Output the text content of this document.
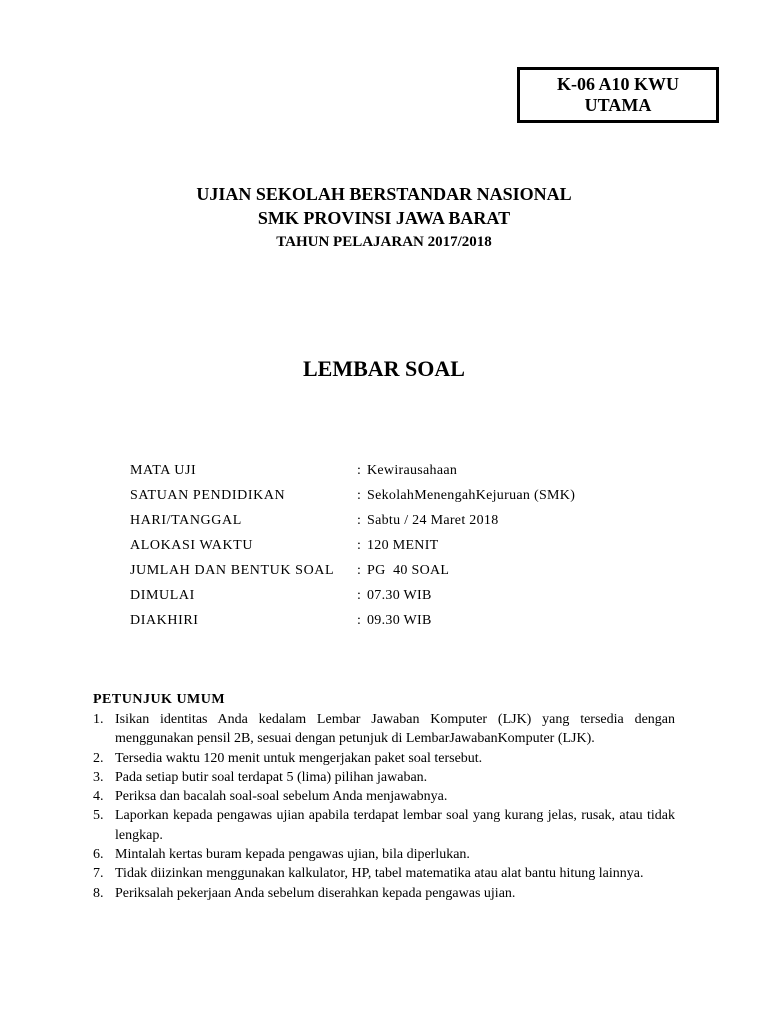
K-06 A10 KWU
UTAMA
UJIAN SEKOLAH BERSTANDAR NASIONAL
SMK PROVINSI JAWA BARAT
TAHUN PELAJARAN 2017/2018
LEMBAR SOAL
MATA UJI	: Kewirausahaan
SATUAN PENDIDIKAN	: SekolahMenengahKejuruan (SMK)
HARI/TANGGAL	: Sabtu / 24 Maret 2018
ALOKASI WAKTU	: 120 MENIT
JUMLAH DAN BENTUK SOAL	: PG  40 SOAL
DIMULAI	: 07.30 WIB
DIAKHIRI	: 09.30 WIB
PETUNJUK UMUM
1. Isikan identitas Anda kedalam Lembar Jawaban Komputer (LJK) yang tersedia dengan menggunakan pensil 2B, sesuai dengan petunjuk di LembarJawabanKomputer (LJK).
2. Tersedia waktu 120 menit untuk mengerjakan paket soal tersebut.
3. Pada setiap butir soal terdapat 5 (lima) pilihan jawaban.
4. Periksa dan bacalah soal-soal sebelum Anda menjawabnya.
5. Laporkan kepada pengawas ujian apabila terdapat lembar soal yang kurang jelas, rusak, atau tidak lengkap.
6. Mintalah kertas buram kepada pengawas ujian, bila diperlukan.
7. Tidak diizinkan menggunakan kalkulator, HP, tabel matematika atau alat bantu hitung lainnya.
8. Periksalah pekerjaan Anda sebelum diserahkan kepada pengawas ujian.
